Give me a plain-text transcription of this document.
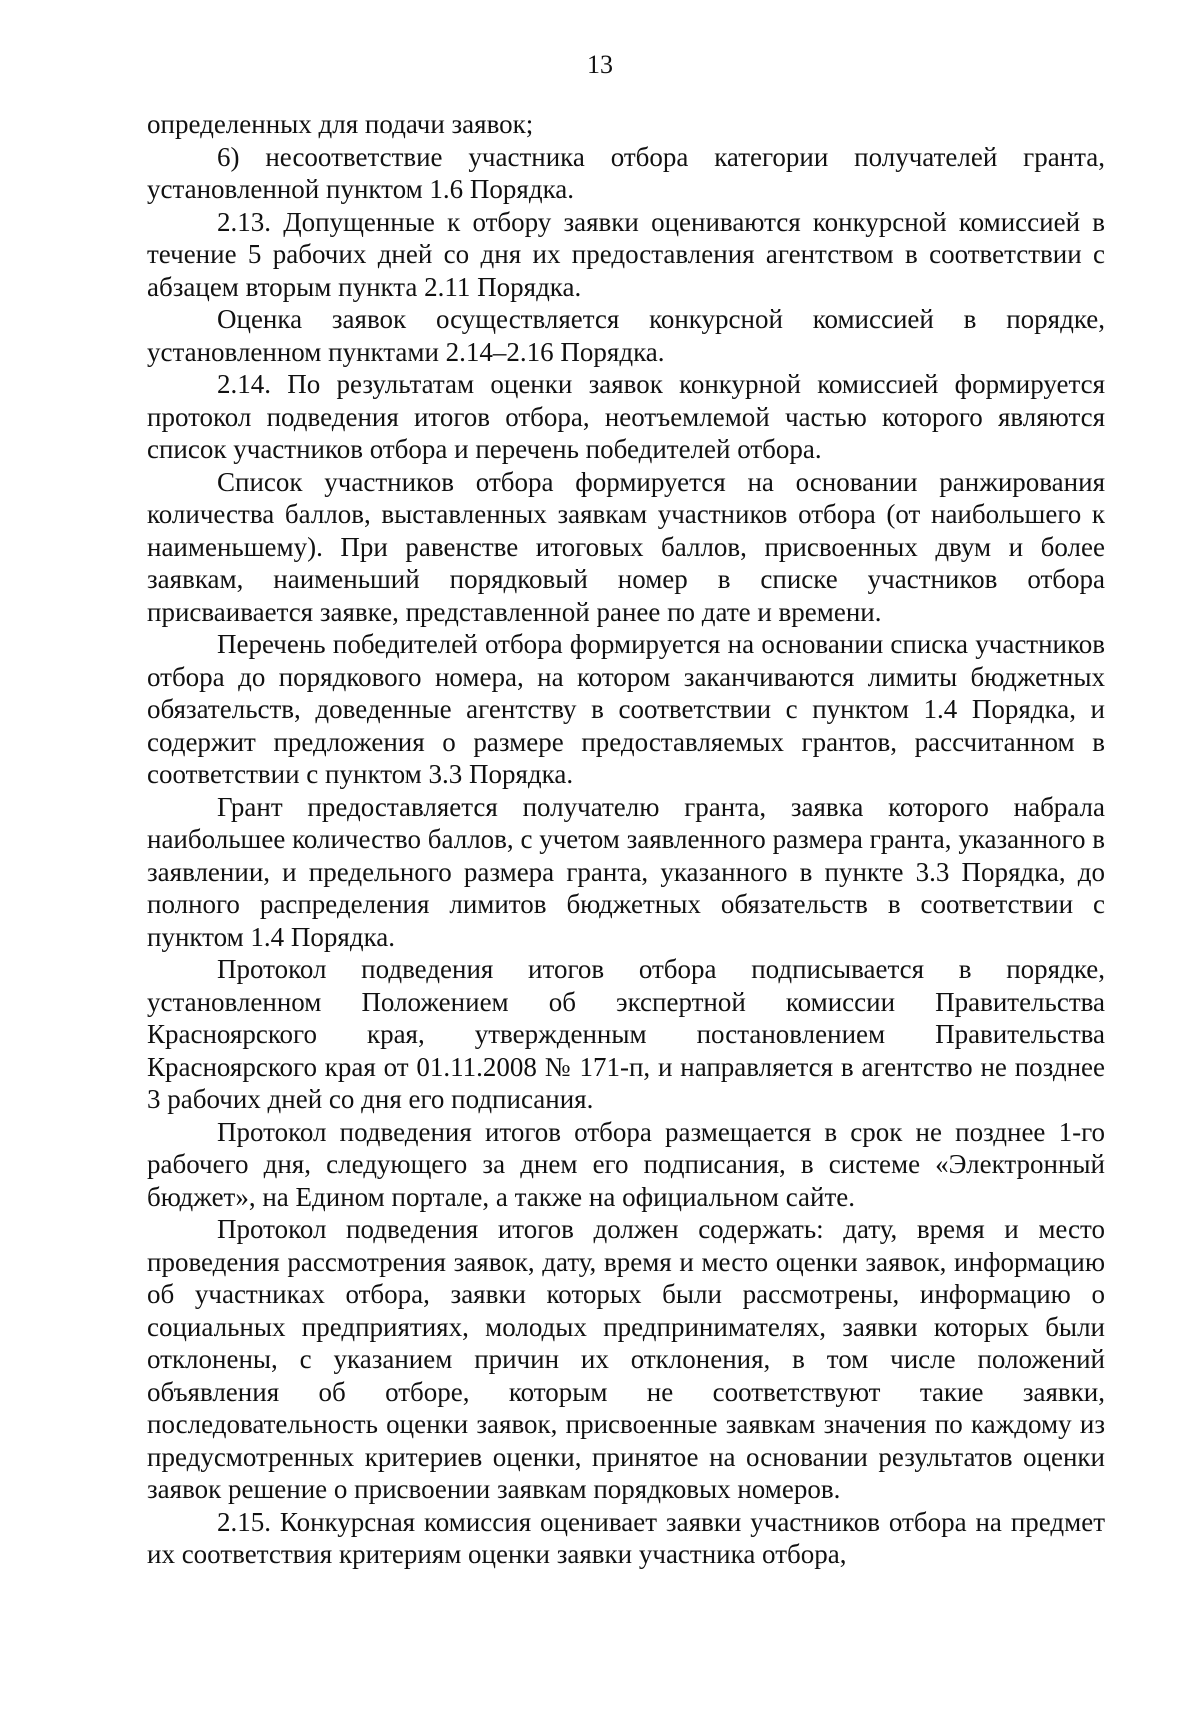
13

определенных для подачи заявок;

6) несоответствие участника отбора категории получателей гранта, установленной пунктом 1.6 Порядка.

2.13. Допущенные к отбору заявки оцениваются конкурсной комиссией в течение 5 рабочих дней со дня их предоставления агентством в соответствии с абзацем вторым пункта 2.11 Порядка.

Оценка заявок осуществляется конкурсной комиссией в порядке, установленном пунктами 2.14–2.16 Порядка.

2.14. По результатам оценки заявок конкурной комиссией формируется протокол подведения итогов отбора, неотъемлемой частью которого являются список участников отбора и перечень победителей отбора.

Список участников отбора формируется на основании ранжирования количества баллов, выставленных заявкам участников отбора (от наибольшего к наименьшему). При равенстве итоговых баллов, присвоенных двум и более заявкам, наименьший порядковый номер в списке участников отбора присваивается заявке, представленной ранее по дате и времени.

Перечень победителей отбора формируется на основании списка участников отбора до порядкового номера, на котором заканчиваются лимиты бюджетных обязательств, доведенные агентству в соответствии с пунктом 1.4 Порядка, и содержит предложения о размере предоставляемых грантов, рассчитанном в соответствии с пунктом 3.3 Порядка.

Грант предоставляется получателю гранта, заявка которого набрала наибольшее количество баллов, с учетом заявленного размера гранта, указанного в заявлении, и предельного размера гранта, указанного в пункте 3.3 Порядка, до полного распределения лимитов бюджетных обязательств в соответствии с пунктом 1.4 Порядка.

Протокол подведения итогов отбора подписывается в порядке, установленном Положением об экспертной комиссии Правительства Красноярского края, утвержденным постановлением Правительства Красноярского края от 01.11.2008 № 171-п, и направляется в агентство не позднее 3 рабочих дней со дня его подписания.

Протокол подведения итогов отбора размещается в срок не позднее 1-го рабочего дня, следующего за днем его подписания, в системе «Электронный бюджет», на Едином портале, а также на официальном сайте.

Протокол подведения итогов должен содержать: дату, время и место проведения рассмотрения заявок, дату, время и место оценки заявок, информацию об участниках отбора, заявки которых были рассмотрены, информацию о социальных предприятиях, молодых предпринимателях, заявки которых были отклонены, с указанием причин их отклонения, в том числе положений объявления об отборе, которым не соответствуют такие заявки, последовательность оценки заявок, присвоенные заявкам значения по каждому из предусмотренных критериев оценки, принятое на основании результатов оценки заявок решение о присвоении заявкам порядковых номеров.

2.15. Конкурсная комиссия оценивает заявки участников отбора на предмет их соответствия критериям оценки заявки участника отбора,
